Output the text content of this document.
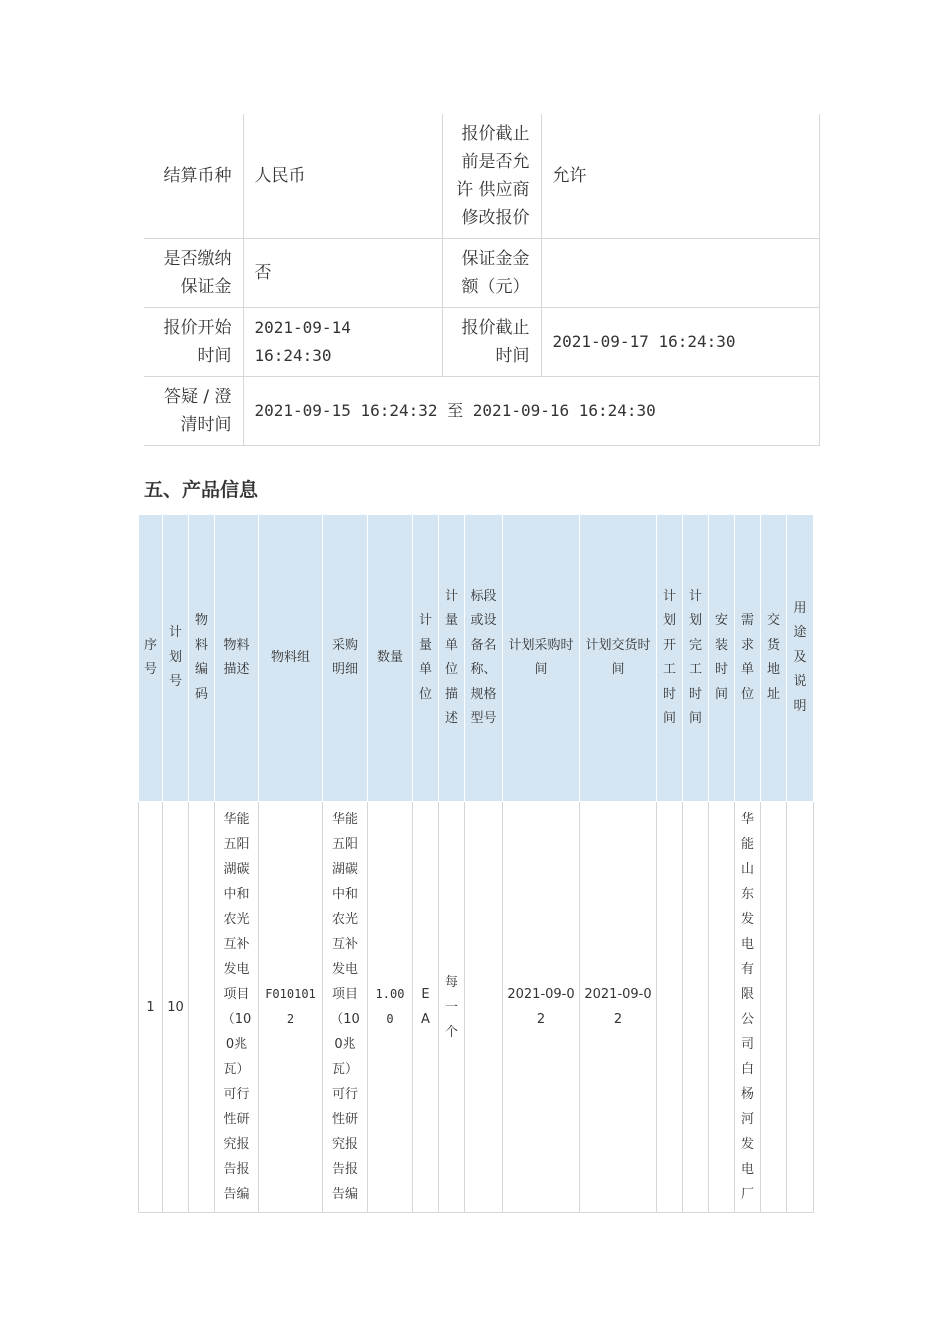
结算币种	人民币	报价截止前是否允许 供应商修改报价	允许
是否缴纳保证金	否	保证金金额（元）	
报价开始时间	2021-09-14 16:24:30	报价截止时间	2021-09-17 16:24:30
答疑 / 澄清时间	2021-09-15 16:24:32 至 2021-09-16 16:24:30		
五、产品信息
序号	计划号	物料编码	物料描述	物料组	采购明细	数量	计量单位	计量单位描述	标段或设备名称、规格型号	计划采购时间	计划交货时间	计划开工时间	计划完工时间	安装时间	需求单位	交货地址	用途及说明
1	10		华能五阳湖碳中和农光互补发电项目（100兆瓦）可行性研究报告报告编	F0101012	华能五阳湖碳中和农光互补发电项目（100兆瓦）可行性研究报告报告编	1.000	EA	每一个		2021-09-02	2021-09-02				华能山东发电有限公司白杨河发电厂		
